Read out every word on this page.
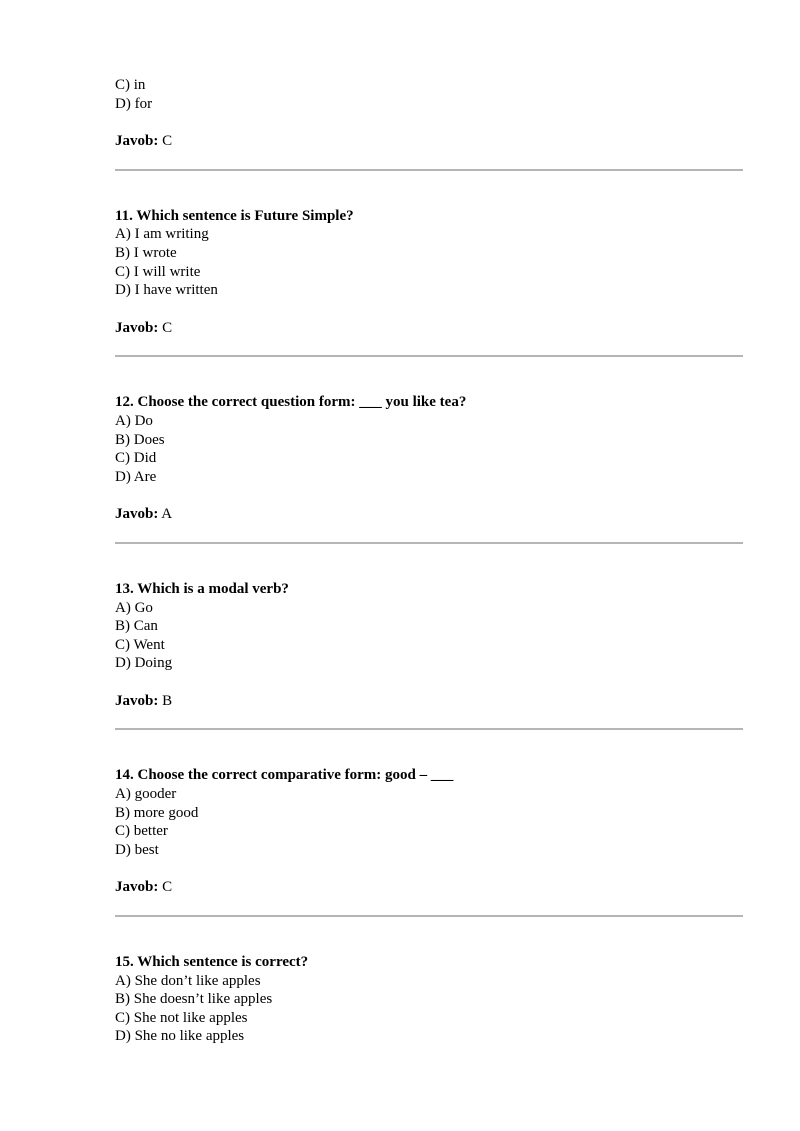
C) in

D) for

Javob: C

11. Which sentence is Future Simple?

A) I am writing

B) I wrote

C) I will write

D) I have written

Javob: C

12. Choose the correct question form: ___ you like tea?

A) Do

B) Does

C) Did

D) Are

Javob: A

13. Which is a modal verb?

A) Go

B) Can

C) Went

D) Doing

Javob: B

14. Choose the correct comparative form: good – ___

A) gooder

B) more good

C) better

D) best

Javob: C

15. Which sentence is correct?

A) She don’t like apples

B) She doesn’t like apples

C) She not like apples

D) She no like apples
